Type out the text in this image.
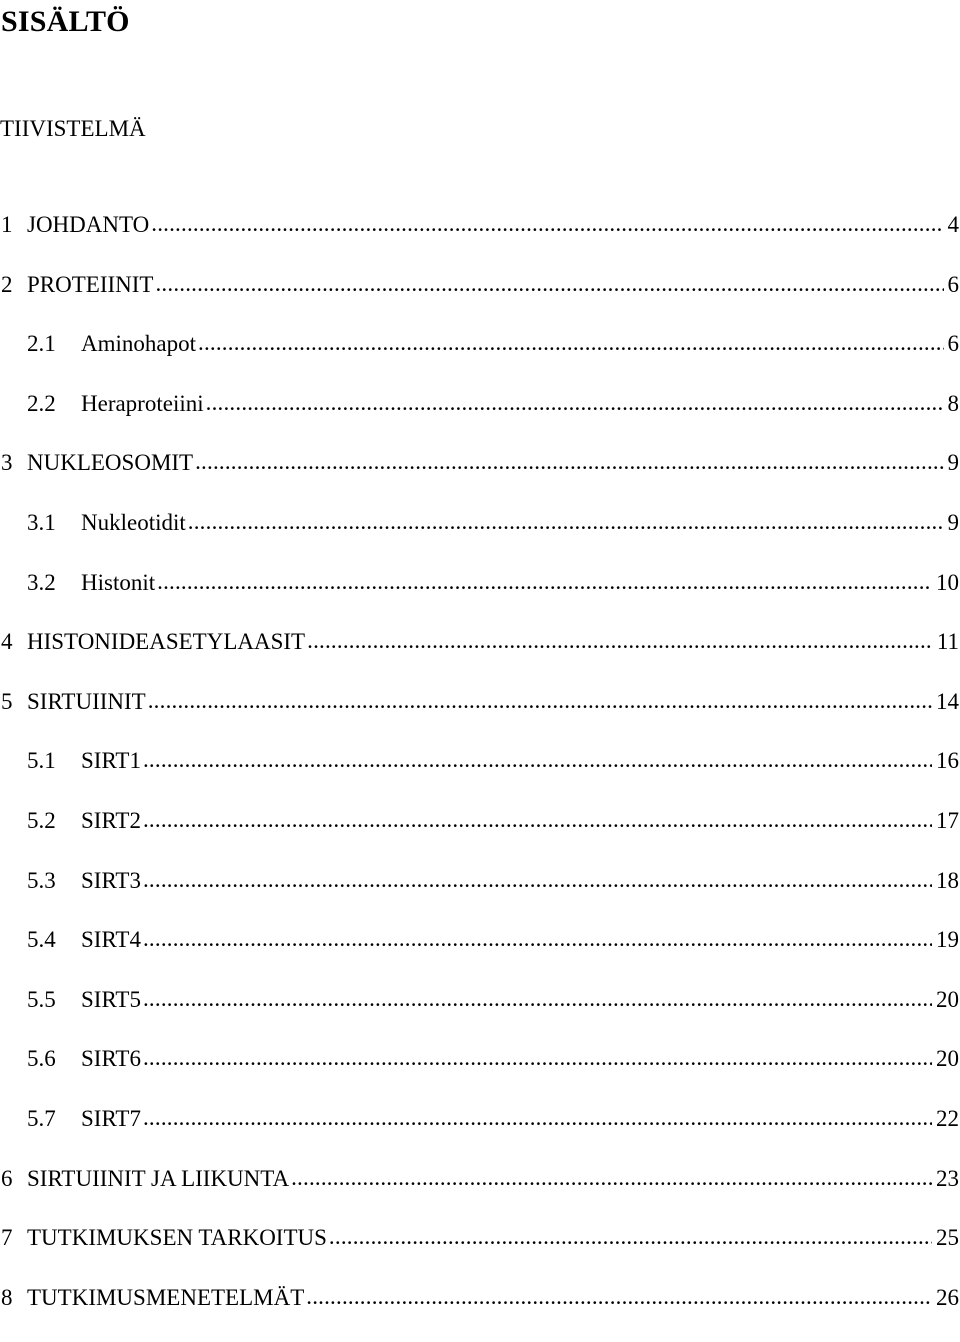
SISÄLTÖ

TIIVISTELMÄ

1 JOHDANTO .....	4
2 PROTEIINIT .....	6
2.1	Aminohapot .....	6
2.2	Heraproteiini .....	8
3 NUKLEOSOMIT .....	9
3.1	Nukleotidit .....	9
3.2	Histonit .....	10
4 HISTONIDEASETYLAASIT .....	11
5 SIRTUIINIT .....	14
5.1	SIRT1 .....	16
5.2	SIRT2 .....	17
5.3	SIRT3 .....	18
5.4	SIRT4 .....	19
5.5	SIRT5 .....	20
5.6	SIRT6 .....	20
5.7	SIRT7 .....	22
6 SIRTUIINIT JA LIIKUNTA .....	23
7 TUTKIMUKSEN TARKOITUS .....	25
8 TUTKIMUSMENETELMÄT .....	26
